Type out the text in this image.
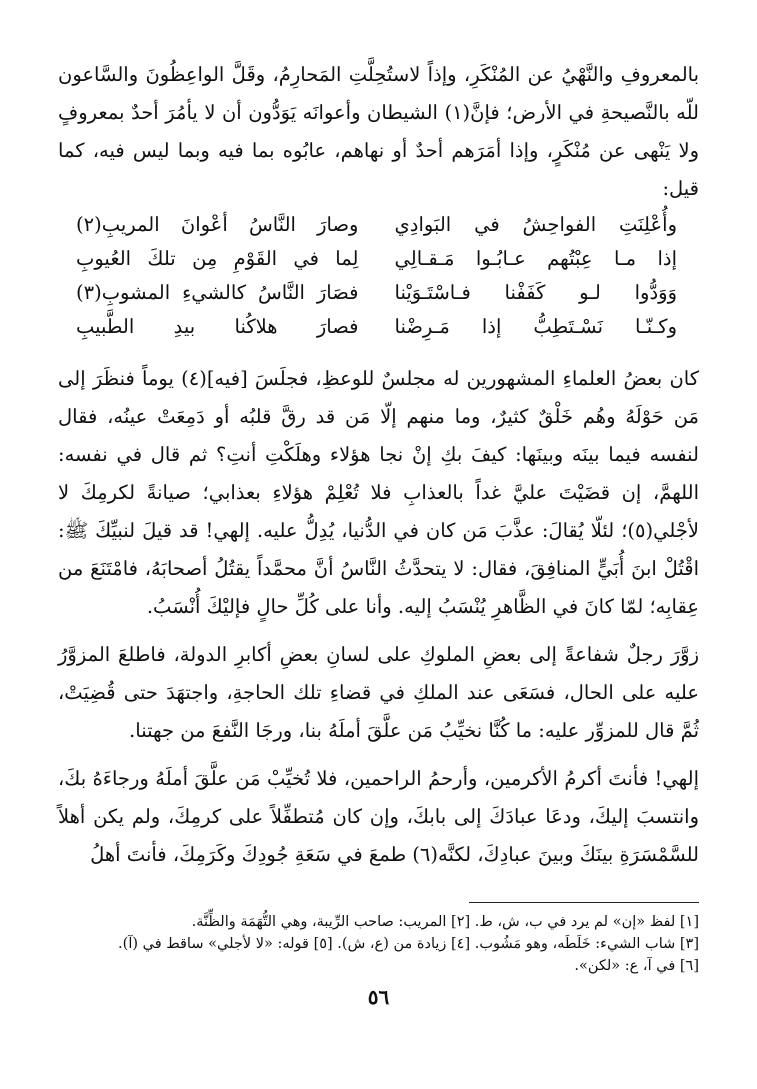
بالمعروفِ والنَّهْيُ عن المُنْكَرِ، وإذاً لاستُحِلَّتِ المَحارِمُ، وقَلَّ الواعِظُونَ والسَّاعون للّه بالنَّصيحةِ في الأرض؛ فإنَّ(١) الشيطان وأعوانَه يَوَدُّون أن لا يأمُرَ أحدٌ بمعروفٍ ولا يَنْهى عن مُنْكَرٍ، وإذا أمَرَهم أحدٌ أو نهاهم، عابُوه بما فيه وبما ليس فيه، كما قيل:

وأُعْلِنَتِ الفواحِشُ في البَوادِي
وصارَ النَّاسُ أعْوانَ المريبِ(٢)
إذا مـا عِبْتُهم عـابُـوا مَـقـالِي
لِما في القَوْمِ مِن تلكَ العُيوبِ
وَوَدُّوا لـو كَفَفْنا فـاسْتَـوَيْنا
فصَارَ النَّاسُ كالشيءِ المشوبِ(٣)
وكـنّـا نَسْـتَطِبُّ إذا مَـرِضْنا
فصارَ هلاكُنا بيدِ الطَّبيبِ

كان بعضُ العلماءِ المشهورين له مجلسٌ للوعظِ، فجلَسَ [فيه](٤) يوماً فنظَرَ إلى مَن حَوْلَهُ وهُم خَلْقٌ كثيرٌ، وما منهم إلّا مَن قد رقَّ قلبُه أو دَمِعَتْ عينُه، فقال لنفسه فيما بينَه وبينَها: كيفَ بكِ إنْ نجا هؤلاء وهلَكْتِ أنتِ؟ ثم قال في نفسه: اللهمَّ، إن قضَيْتَ عليَّ غداً بالعذابِ فلا تُعْلِمْ هؤلاءِ بعذابي؛ صيانةً لكرمِكَ لا لأجْلي(٥)؛ لئلّا يُقالَ: عذَّبَ مَن كان في الدُّنيا، يُدِلُّ عليه. إلهي! قد قيلَ لنبيِّكَ ﷺ: اقْتُلْ ابنَ أُبَيٍّ المنافِقَ، فقال: لا يتحدَّثُ النَّاسُ أنَّ محمَّداً يقتُلُ أصحابَهُ، فامْتَنَعَ من عِقابِه؛ لمّا كانَ في الظَّاهرِ يُنْسَبُ إليه. وأنا على كُلِّ حالٍ فإليْكَ أُنْسَبُ.

زوَّرَ رجلٌ شفاعةً إلى بعضِ الملوكِ على لسانِ بعضِ أكابرِ الدولة، فاطلعَ المزوَّرُ عليه على الحال، فسَعَى عند الملكِ في قضاءِ تلك الحاجةِ، واجتهَدَ حتى قُضِيَتْ، ثُمَّ قال للمزوِّر عليه: ما كُنَّا نخيِّبُ مَن علَّقَ أملَهُ بنا، ورجَا النَّفعَ من جهتنا.

إلهي! فأنتَ أكرمُ الأكرمين، وأرحمُ الراحمين، فلا تُخيِّبْ مَن علَّقَ أملَهُ ورجاءَهُ بكَ، وانتسبَ إليكَ، ودعَا عبادَكَ إلى بابكَ، وإن كان مُتطفِّلاً على كرمِكَ، ولم يكن أهلاً للسَّمْسَرَةِ بينَكَ وبينَ عبادِكَ، لكنَّه(٦) طمعَ في سَعَةِ جُودِكَ وكَرَمِكَ، فأنتَ أهلُ

[١] لفظ «إن» لم يرد في ب، ش، ط. [٢] المريب: صاحب الرِّيبة، وهي التُّهَمَة والظِّنَّة.
[٣] شاب الشيء: خَلَطَه، وهو مَشُوب. [٤] زيادة من (ع، ش). [٥] قوله: «لا لأجلي» ساقط في (آ).
[٦] في آ، ع: «لكن».
٥٦
